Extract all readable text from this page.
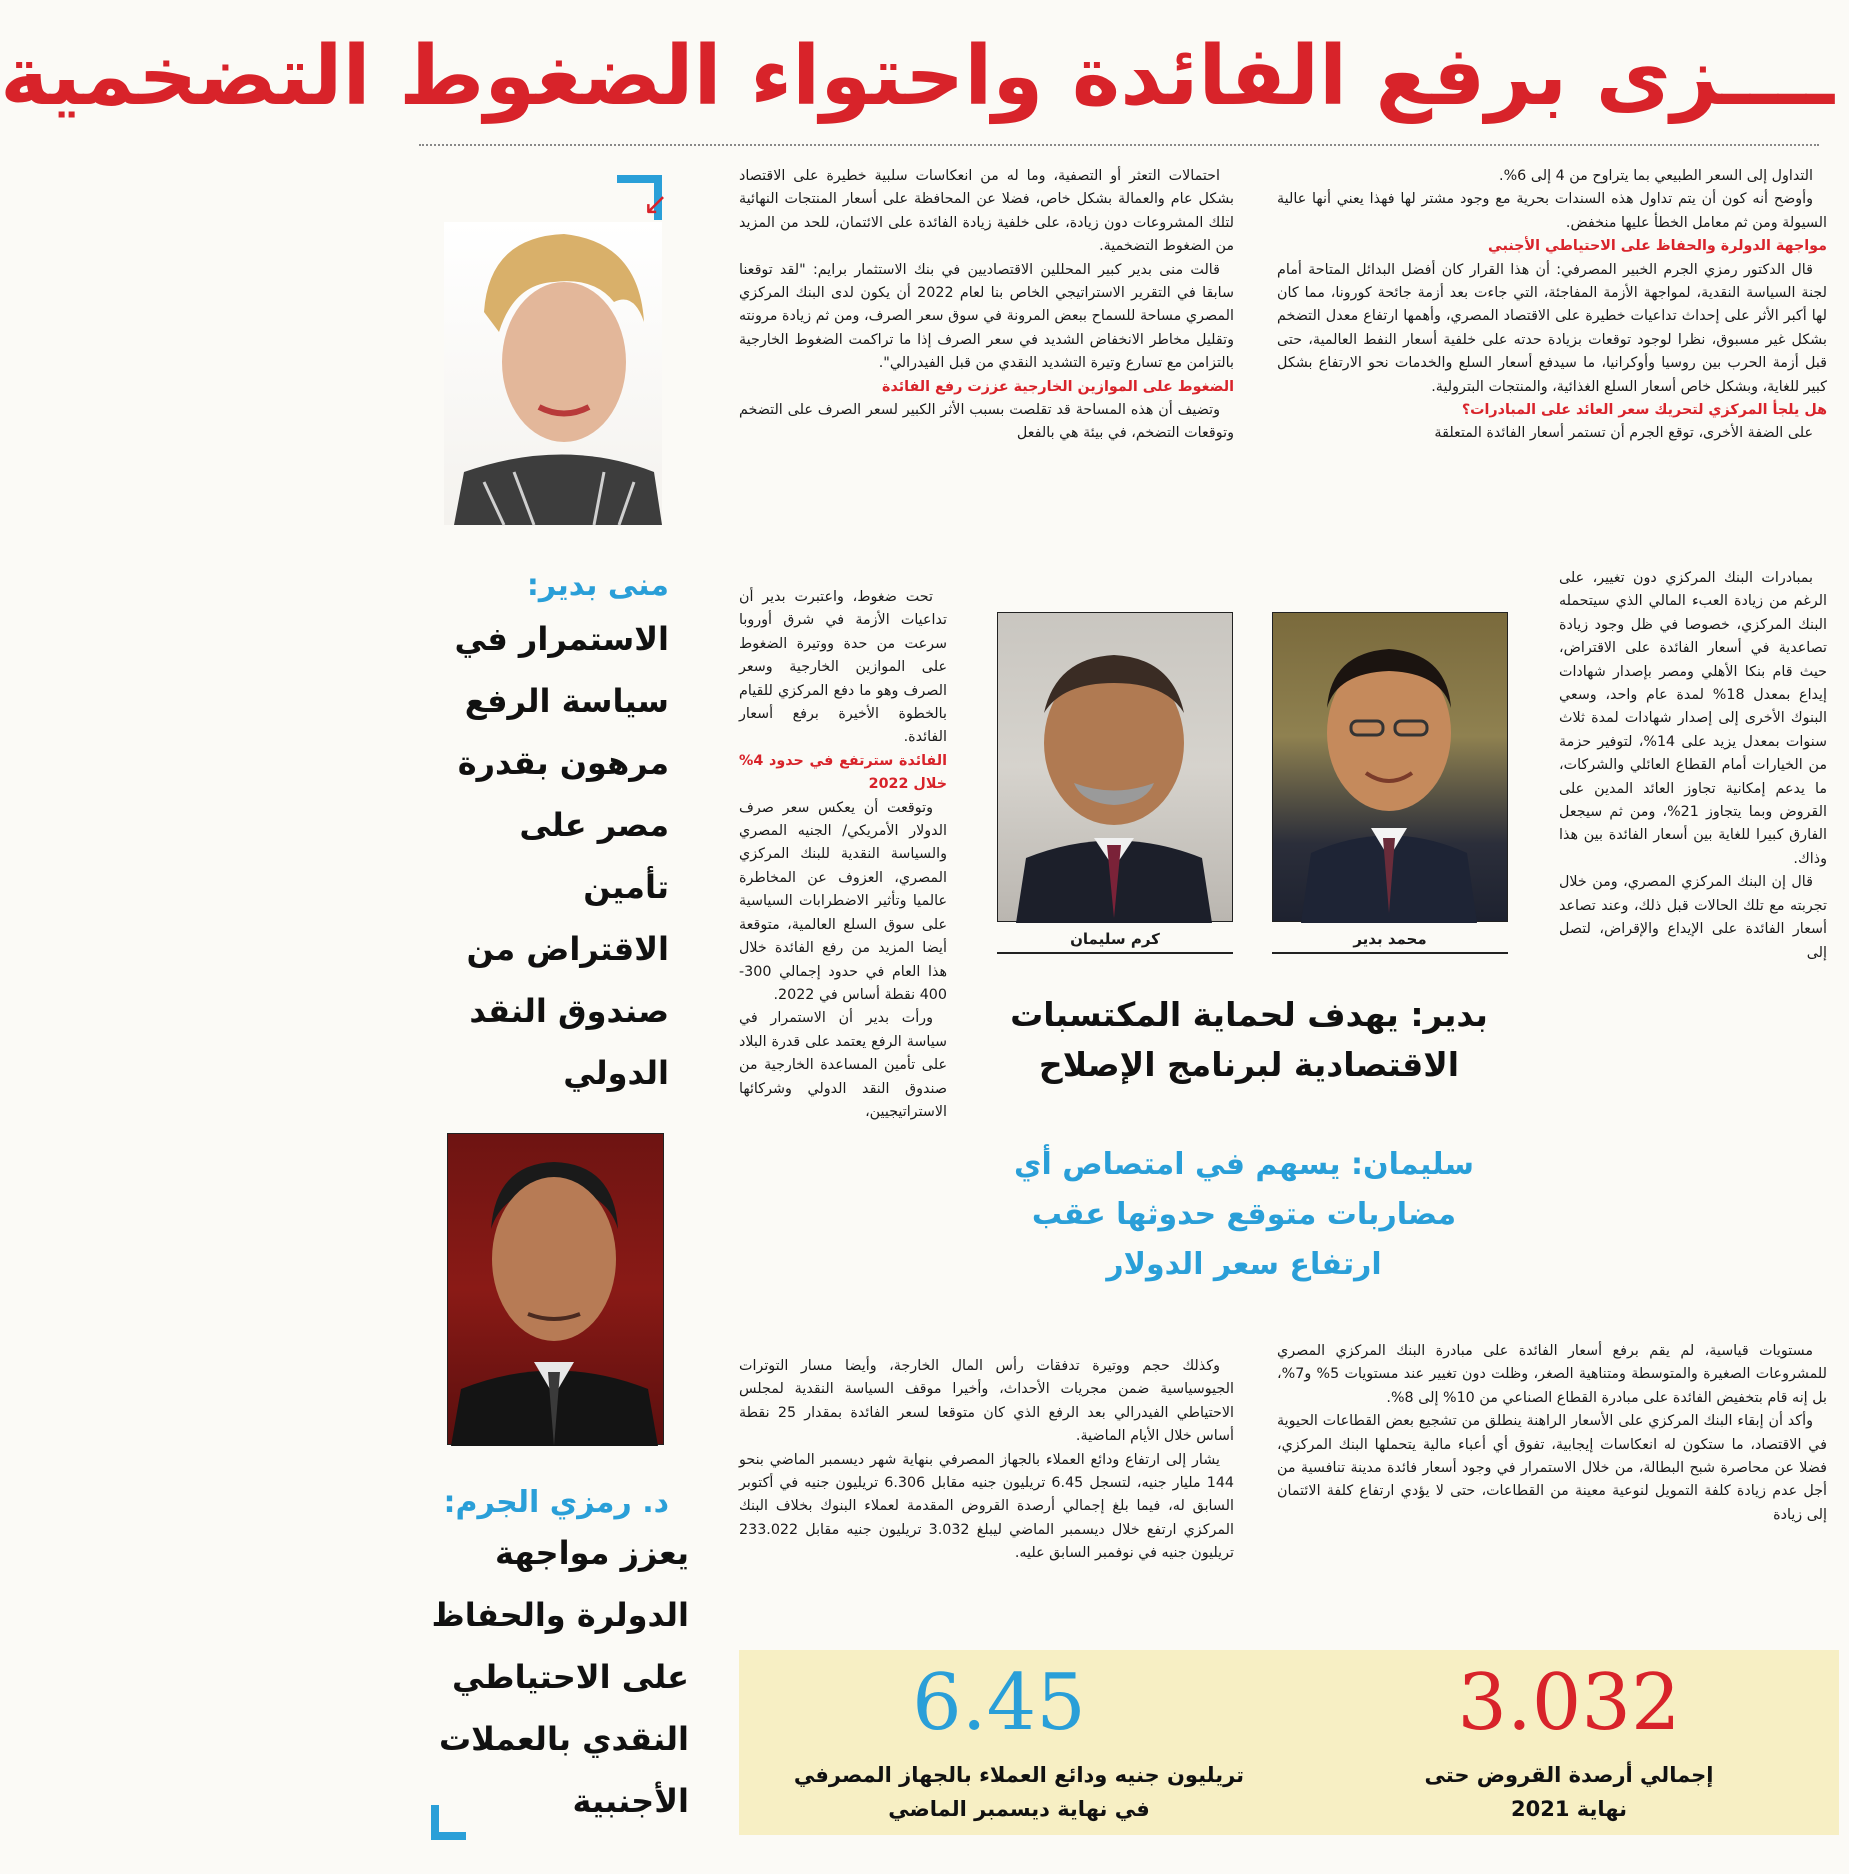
ــــزى برفع الفائدة واحتواء الضغوط التضخمية

التداول إلى السعر الطبيعي بما يتراوح من 4 إلى 6%.

وأوضح أنه كون أن يتم تداول هذه السندات بحرية مع وجود مشتر لها فهذا يعني أنها عالية السيولة ومن ثم معامل الخطأ عليها منخفض.

مواجهة الدولرة والحفاظ على الاحتياطي الأجنبي

قال الدكتور رمزي الجرم الخبير المصرفي: أن هذا القرار كان أفضل البدائل المتاحة أمام لجنة السياسة النقدية، لمواجهة الأزمة المفاجئة، التي جاءت بعد أزمة جائحة كورونا، مما كان لها أكبر الأثر على إحداث تداعيات خطيرة على الاقتصاد المصري، وأهمها ارتفاع معدل التضخم بشكل غير مسبوق، نظرا لوجود توقعات بزيادة حدته على خلفية أسعار النفط العالمية، حتى قبل أزمة الحرب بين روسيا وأوكرانيا، ما سيدفع أسعار السلع والخدمات نحو الارتفاع بشكل كبير للغاية، وبشكل خاص أسعار السلع الغذائية، والمنتجات البترولية.

هل يلجأ المركزي لتحريك سعر العائد على المبادرات؟

على الضفة الأخرى، توقع الجرم أن تستمر أسعار الفائدة المتعلقة

بمبادرات البنك المركزي دون تغيير، على الرغم من زيادة العبء المالي الذي سيتحمله البنك المركزي، خصوصا في ظل وجود زيادة تصاعدية في أسعار الفائدة على الاقتراض، حيث قام بنكا الأهلي ومصر بإصدار شهادات إيداع بمعدل 18% لمدة عام واحد، وسعي البنوك الأخرى إلى إصدار شهادات لمدة ثلاث سنوات بمعدل يزيد على 14%، لتوفير حزمة من الخيارات أمام القطاع العائلي والشركات، ما يدعم إمكانية تجاوز العائد المدين على القروض وبما يتجاوز 21%، ومن ثم سيجعل الفارق كبيرا للغاية بين أسعار الفائدة بين هذا وذاك.

قال إن البنك المركزي المصري، ومن خلال تجربته مع تلك الحالات قبل ذلك، وعند تصاعد أسعار الفائدة على الإيداع والإقراض، لتصل إلى

مستويات قياسية، لم يقم برفع أسعار الفائدة على مبادرة البنك المركزي المصري للمشروعات الصغيرة والمتوسطة ومتناهية الصغر، وظلت دون تغيير عند مستويات 5% و7%، بل إنه قام بتخفيض الفائدة على مبادرة القطاع الصناعي من 10% إلى 8%.

وأكد أن إبقاء البنك المركزي على الأسعار الراهنة ينطلق من تشجيع بعض القطاعات الحيوية في الاقتصاد، ما ستكون له انعكاسات إيجابية، تفوق أي أعباء مالية يتحملها البنك المركزي، فضلا عن محاصرة شبح البطالة، من خلال الاستمرار في وجود أسعار فائدة مدينة تنافسية من أجل عدم زيادة كلفة التمويل لنوعية معينة من القطاعات، حتى لا يؤدي ارتفاع كلفة الائتمان إلى زيادة

احتمالات التعثر أو التصفية، وما له من انعكاسات سلبية خطيرة على الاقتصاد بشكل عام والعمالة بشكل خاص، فضلا عن المحافظة على أسعار المنتجات النهائية لتلك المشروعات دون زيادة، على خلفية زيادة الفائدة على الائتمان، للحد من المزيد من الضغوط التضخمية.

قالت منى بدير كبير المحللين الاقتصاديين في بنك الاستثمار برايم: "لقد توقعنا سابقا في التقرير الاستراتيجي الخاص بنا لعام 2022 أن يكون لدى البنك المركزي المصري مساحة للسماح ببعض المرونة في سوق سعر الصرف، ومن ثم زيادة مرونته وتقليل مخاطر الانخفاض الشديد في سعر الصرف إذا ما تراكمت الضغوط الخارجية بالتزامن مع تسارع وتيرة التشديد النقدي من قبل الفيدرالي".

الضغوط على الموازين الخارجية عززت رفع الفائدة

وتضيف أن هذه المساحة قد تقلصت بسبب الأثر الكبير لسعر الصرف على التضخم وتوقعات التضخم، في بيئة هي بالفعل

تحت ضغوط، واعتبرت بدير أن تداعيات الأزمة في شرق أوروبا سرعت من حدة ووتيرة الضغوط على الموازين الخارجية وسعر الصرف وهو ما دفع المركزي للقيام بالخطوة الأخيرة برفع أسعار الفائدة.

الفائدة سترتفع في حدود 4% خلال 2022

وتوقعت أن يعكس سعر صرف الدولار الأمريكي/ الجنيه المصري والسياسة النقدية للبنك المركزي المصري، العزوف عن المخاطرة عالميا وتأثير الاضطرابات السياسية على سوق السلع العالمية، متوقعة أيضا المزيد من رفع الفائدة خلال هذا العام في حدود إجمالي 300-400 نقطة أساس في 2022.

ورأت بدير أن الاستمرار في سياسة الرفع يعتمد على قدرة البلاد على تأمين المساعدة الخارجية من صندوق النقد الدولي وشركائها الاستراتيجيين،

وكذلك حجم ووتيرة تدفقات رأس المال الخارجة، وأيضا مسار التوترات الجيوسياسية ضمن مجريات الأحداث، وأخيرا موقف السياسة النقدية لمجلس الاحتياطي الفيدرالي بعد الرفع الذي كان متوقعا لسعر الفائدة بمقدار 25 نقطة أساس خلال الأيام الماضية.

يشار إلى ارتفاع ودائع العملاء بالجهاز المصرفي بنهاية شهر ديسمبر الماضي بنحو 144 مليار جنيه، لتسجل 6.45 تريليون جنيه مقابل 6.306 تريليون جنيه في أكتوبر السابق له، فيما بلغ إجمالي أرصدة القروض المقدمة لعملاء البنوك بخلاف البنك المركزي ارتفع خلال ديسمبر الماضي ليبلغ 3.032 تريليون جنيه مقابل 233.022 تريليون جنيه في نوفمبر السابق عليه.

محمد بدير
كرم سليمان
بدير: يهدف لحماية المكتسبات
الاقتصادية لبرنامج الإصلاح
سليمان: يسهم في امتصاص أي
مضاربات متوقع حدوثها عقب
ارتفاع سعر الدولار
↙
منى بدير:
الاستمرار في
سياسة الرفع
مرهون بقدرة
مصر على
تأمين
الاقتراض من
صندوق النقد
الدولي
د. رمزي الجرم:
يعزز مواجهة
الدولرة والحفاظ
على الاحتياطي
النقدي بالعملات
الأجنبية
3.032
إجمالي أرصدة القروض حتى
نهاية 2021
6.45
تريليون جنيه ودائع العملاء بالجهاز المصرفي
في نهاية ديسمبر الماضي
